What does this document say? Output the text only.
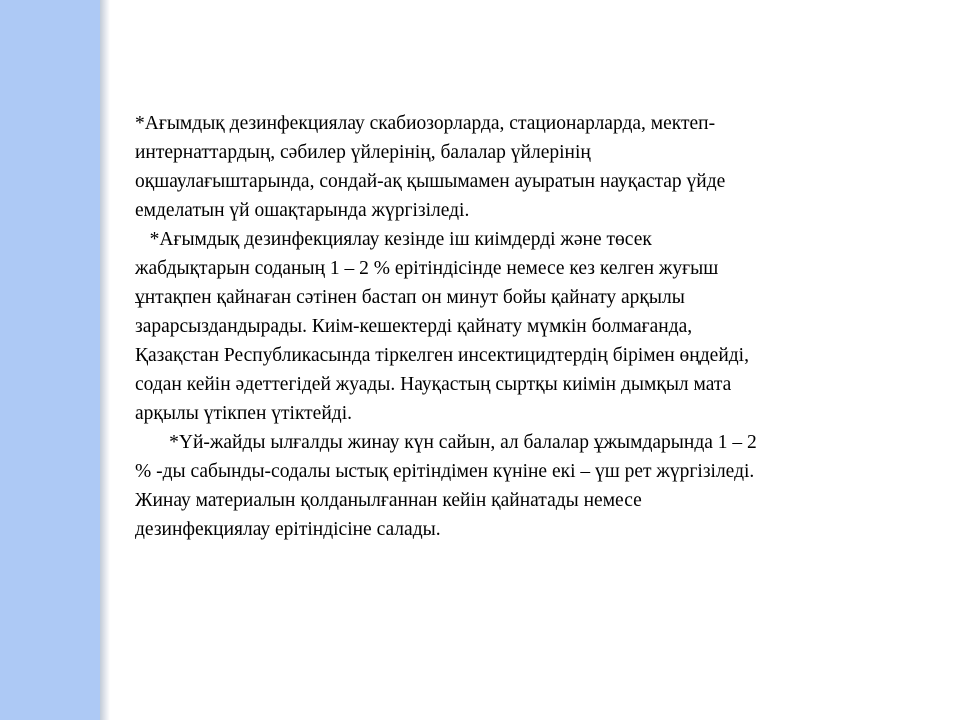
*Ағымдық дезинфекциялау скабиозорларда, стационарларда, мектеп-
интернаттардың, сәбилер үйлерінің, балалар үйлерінің
оқшаулағыштарында, сондай-ақ қышымамен ауыратын науқастар үйде
емделатын үй ошақтарында жүргізіледі.
*Ағымдық дезинфекциялау кезінде іш киімдерді және төсек
жабдықтарын соданың 1 – 2 % ерітіндісінде немесе кез келген жуғыш
ұнтақпен қайнаған сәтінен бастап он минут бойы қайнату арқылы
зарарсыздандырады. Киім-кешектерді қайнату мүмкін болмағанда,
Қазақстан Республикасында тіркелген инсектицидтердің бірімен өңдейді,
содан кейін әдеттегідей жуады. Науқастың сыртқы киімін дымқыл мата
арқылы үтікпен үтіктейді.
*Үй-жайды ылғалды жинау күн сайын, ал балалар ұжымдарында 1 – 2
% -ды сабынды-содалы ыстық ерітіндімен күніне екі – үш рет жүргізіледі.
Жинау материалын қолданылғаннан кейін қайнатады немесе
дезинфекциялау ерітіндісіне салады.
